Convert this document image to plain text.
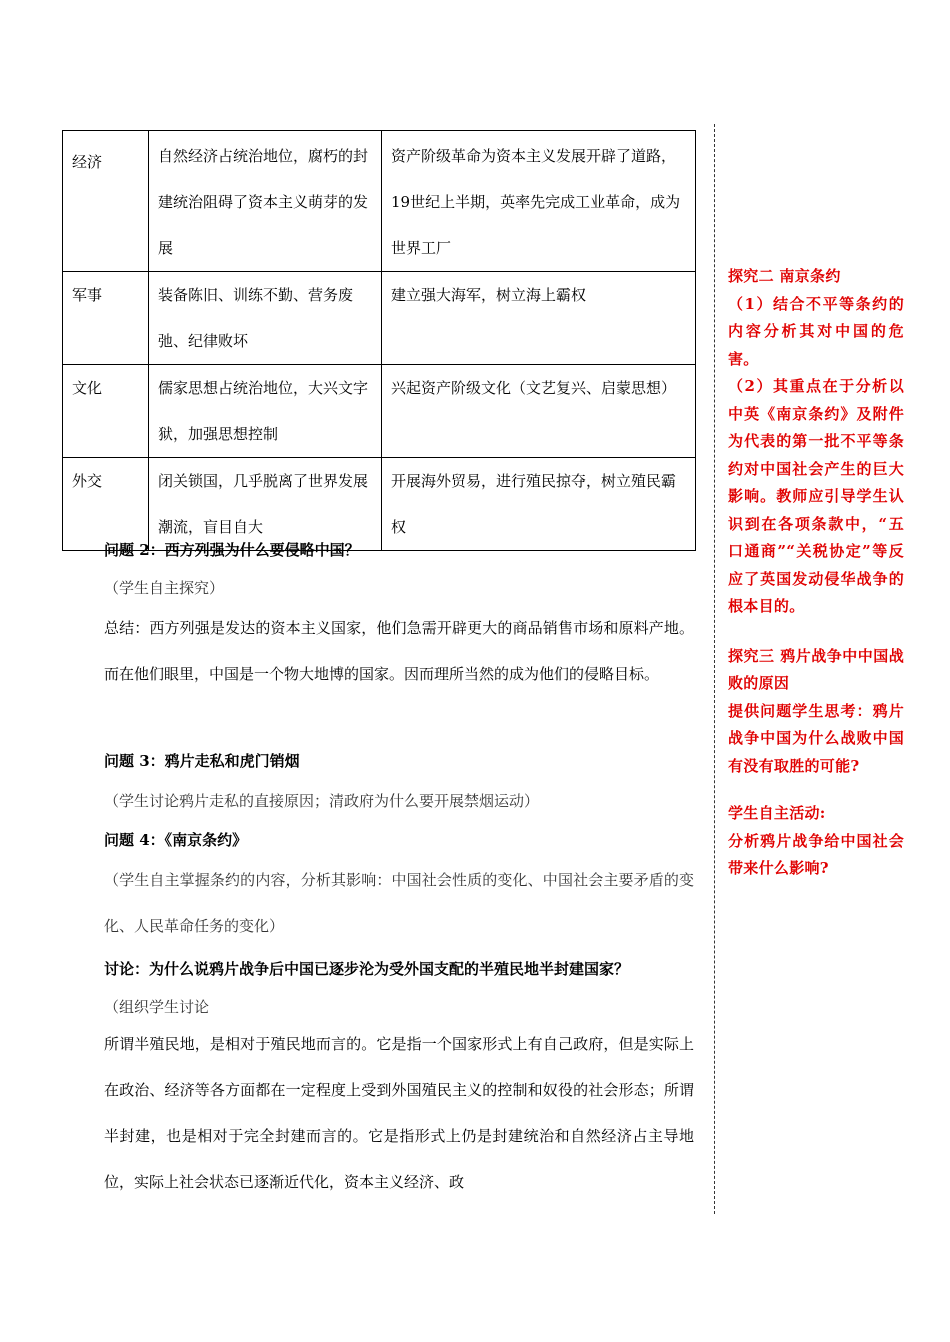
经济	自然经济占统治地位，腐朽的封建统治阻碍了资本主义萌芽的发展	资产阶级革命为资本主义发展开辟了道路，19世纪上半期，英率先完成工业革命，成为世界工厂
军事	装备陈旧、训练不勤、营务废弛、纪律败坏	建立强大海军，树立海上霸权
文化	儒家思想占统治地位，大兴文字狱，加强思想控制	兴起资产阶级文化（文艺复兴、启蒙思想）
外交	闭关锁国，几乎脱离了世界发展潮流，盲目自大	开展海外贸易，进行殖民掠夺，树立殖民霸权
问题 2：西方列强为什么要侵略中国？
（学生自主探究）
总结：西方列强是发达的资本主义国家，他们急需开辟更大的商品销售市场和原料产地。而在他们眼里，中国是一个物大地博的国家。因而理所当然的成为他们的侵略目标。
问题 3：鸦片走私和虎门销烟
（学生讨论鸦片走私的直接原因；清政府为什么要开展禁烟运动）
问题 4：《南京条约》
（学生自主掌握条约的内容，分析其影响：中国社会性质的变化、中国社会主要矛盾的变化、人民革命任务的变化）
讨论：为什么说鸦片战争后中国已逐步沦为受外国支配的半殖民地半封建国家？
（组织学生讨论
所谓半殖民地，是相对于殖民地而言的。它是指一个国家形式上有自己政府，但是实际上在政治、经济等各方面都在一定程度上受到外国殖民主义的控制和奴役的社会形态；所谓半封建，也是相对于完全封建而言的。它是指形式上仍是封建统治和自然经济占主导地位，实际上社会状态已逐渐近代化，资本主义经济、政
探究二 南京条约
（1）结合不平等条约的内容分析其对中国的危害。
（2）其重点在于分析以中英《南京条约》及附件为代表的第一批不平等条约对中国社会产生的巨大影响。教师应引导学生认识到在各项条款中，“五口通商”“关税协定”等反应了英国发动侵华战争的根本目的。
探究三 鸦片战争中中国战败的原因
提供问题学生思考：鸦片战争中国为什么战败中国有没有取胜的可能?
学生自主活动:
分析鸦片战争给中国社会带来什么影响?
